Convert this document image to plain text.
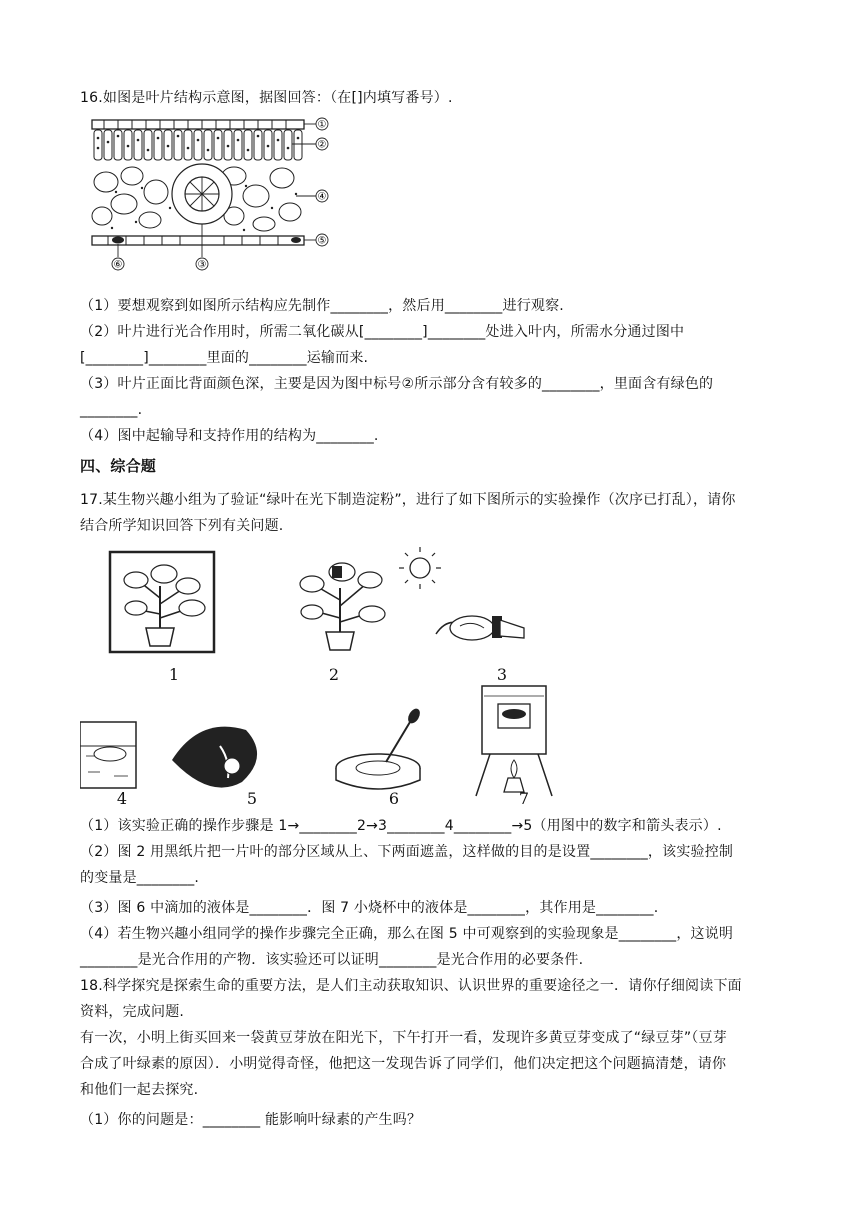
16.如图是叶片结构示意图，据图回答：（在[]内填写番号）.
①
②
④
⑤
⑥	③
（1）要想观察到如图所示结构应先制作________，然后用________进行观察.
（2）叶片进行光合作用时，所需二氧化碳从[________]________处进入叶内，所需水分通过图中
[________]________里面的________运输而来.
（3）叶片正面比背面颜色深，主要是因为图中标号②所示部分含有较多的________，里面含有绿色的
________.
（4）图中起输导和支持作用的结构为________.
四、综合题
17.某生物兴趣小组为了验证“绿叶在光下制造淀粉”，进行了如下图所示的实验操作（次序已打乱），请你
结合所学知识回答下列有关问题.
1	2	3
4	5	6	7
（1）该实验正确的操作步骤是 1→________2→3________4________→5（用图中的数字和箭头表示）.
（2）图 2 用黑纸片把一片叶的部分区域从上、下两面遮盖，这样做的目的是设置________，该实验控制
的变量是________.
（3）图 6 中滴加的液体是________．图 7 小烧杯中的液体是________，其作用是________.
（4）若生物兴趣小组同学的操作步骤完全正确，那么在图 5 中可观察到的实验现象是________，这说明
________是光合作用的产物．该实验还可以证明________是光合作用的必要条件.
18.科学探究是探索生命的重要方法，是人们主动获取知识、认识世界的重要途径之一．请你仔细阅读下面
资料，完成问题.
有一次，小明上街买回来一袋黄豆芽放在阳光下，下午打开一看，发现许多黄豆芽变成了“绿豆芽”（豆芽
合成了叶绿素的原因）．小明觉得奇怪，他把这一发现告诉了同学们，他们决定把这个问题搞清楚，请你
和他们一起去探究.
（1）你的问题是：________ 能影响叶绿素的产生吗？
